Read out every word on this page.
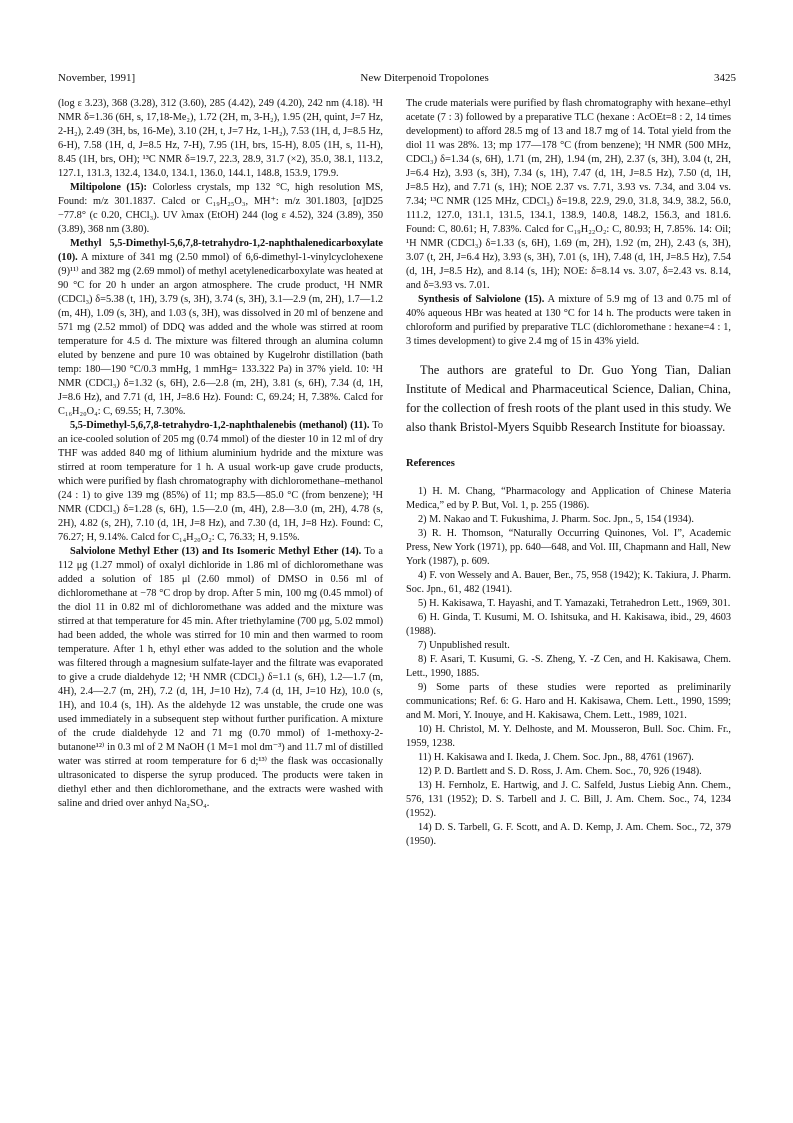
November, 1991]	New Diterpenoid Tropolones	3425

(log ε 3.23), 368 (3.28), 312 (3.60), 285 (4.42), 249 (4.20), 242 nm (4.18). ¹H NMR δ=1.36 (6H, s, 17,18-Me₂), 1.72 (2H, m, 3-H₂), 1.95 (2H, quint, J=7 Hz, 2-H₂), 2.49 (3H, bs, 16-Me), 3.10 (2H, t, J=7 Hz, 1-H₂), 7.53 (1H, d, J=8.5 Hz, 6-H), 7.58 (1H, d, J=8.5 Hz, 7-H), 7.95 (1H, brs, 15-H), 8.05 (1H, s, 11-H), 8.45 (1H, brs, OH); ¹³C NMR δ=19.7, 22.3, 28.9, 31.7 (×2), 35.0, 38.1, 113.2, 127.1, 131.3, 132.4, 134.0, 134.1, 136.0, 144.1, 148.8, 153.9, 179.9.

Miltipolone (15): Colorless crystals, mp 132 °C, high resolution MS, Found: m/z 301.1837. Calcd or C₁₉H₂₅O₃, MH⁺: m/z 301.1803, [α]D25 −77.8° (c 0.20, CHCl₃). UV λmax (EtOH) 244 (log ε 4.52), 324 (3.89), 350 (3.89), 368 nm (3.80).

Methyl 5,5-Dimethyl-5,6,7,8-tetrahydro-1,2-naphthalenedicarboxylate (10). A mixture of 341 mg (2.50 mmol) of 6,6-dimethyl-1-vinylcyclohexene (9)¹¹⁾ and 382 mg (2.69 mmol) of methyl acetylenedicarboxylate was heated at 90 °C for 20 h under an argon atmosphere. The crude product, ¹H NMR (CDCl₃) δ=5.38 (t, 1H), 3.79 (s, 3H), 3.74 (s, 3H), 3.1—2.9 (m, 2H), 1.7—1.2 (m, 4H), 1.09 (s, 3H), and 1.03 (s, 3H), was dissolved in 20 ml of benzene and 571 mg (2.52 mmol) of DDQ was added and the whole was stirred at room temperature for 4.5 d. The mixture was filtered through an alumina column eluted by benzene and pure 10 was obtained by Kugelrohr distillation (bath temp: 180—190 °C/0.3 mmHg, 1 mmHg= 133.322 Pa) in 37% yield. 10: ¹H NMR (CDCl₃) δ=1.32 (s, 6H), 2.6—2.8 (m, 2H), 3.81 (s, 6H), 7.34 (d, 1H, J=8.6 Hz), and 7.71 (d, 1H, J=8.6 Hz). Found: C, 69.24; H, 7.38%. Calcd for C₁₆H₂₀O₄: C, 69.55; H, 7.30%.

5,5-Dimethyl-5,6,7,8-tetrahydro-1,2-naphthalenebis (methanol) (11). To an ice-cooled solution of 205 mg (0.74 mmol) of the diester 10 in 12 ml of dry THF was added 840 mg of lithium aluminium hydride and the mixture was stirred at room temperature for 1 h. A usual work-up gave crude products, which were purified by flash chromatography with dichloromethane–methanol (24 : 1) to give 139 mg (85%) of 11; mp 83.5—85.0 °C (from benzene); ¹H NMR (CDCl₃) δ=1.28 (s, 6H), 1.5—2.0 (m, 4H), 2.8—3.0 (m, 2H), 4.78 (s, 2H), 4.82 (s, 2H), 7.10 (d, 1H, J=8 Hz), and 7.30 (d, 1H, J=8 Hz). Found: C, 76.27; H, 9.14%. Calcd for C₁₄H₂₀O₂: C, 76.33; H, 9.15%.

Salviolone Methyl Ether (13) and Its Isomeric Methyl Ether (14). To a 112 μg (1.27 mmol) of oxalyl dichloride in 1.86 ml of dichloromethane was added a solution of 185 μl (2.60 mmol) of DMSO in 0.56 ml of dichloromethane at −78 °C drop by drop. After 5 min, 100 mg (0.45 mmol) of the diol 11 in 0.82 ml of dichloromethane was added and the mixture was stirred at that temperature for 45 min. After triethylamine (700 μg, 5.02 mmol) had been added, the whole was stirred for 10 min and then warmed to room temperature. After 1 h, ethyl ether was added to the solution and the whole was filtered through a magnesium sulfate-layer and the filtrate was evaporated to give a crude dialdehyde 12; ¹H NMR (CDCl₃) δ=1.1 (s, 6H), 1.2—1.7 (m, 4H), 2.4—2.7 (m, 2H), 7.2 (d, 1H, J=10 Hz), 7.4 (d, 1H, J=10 Hz), 10.0 (s, 1H), and 10.4 (s, 1H). As the aldehyde 12 was unstable, the crude one was used immediately in a subsequent step without further purification. A mixture of the crude dialdehyde 12 and 71 mg (0.70 mmol) of 1-methoxy-2-butanone¹²⁾ in 0.3 ml of 2 M NaOH (1 M=1 mol dm⁻³) and 11.7 ml of distilled water was stirred at room temperature for 6 d;¹³⁾ the flask was occasionally ultrasonicated to disperse the syrup produced. The products were taken in diethyl ether and then dichloromethane, and the extracts were washed with saline and dried over anhyd Na₂SO₄.

The crude materials were purified by flash chromatography with hexane–ethyl acetate (7 : 3) followed by a preparative TLC (hexane : AcOEt=8 : 2, 14 times development) to afford 28.5 mg of 13 and 18.7 mg of 14. Total yield from the diol 11 was 28%. 13; mp 177—178 °C (from benzene); ¹H NMR (500 MHz, CDCl₃) δ=1.34 (s, 6H), 1.71 (m, 2H), 1.94 (m, 2H), 2.37 (s, 3H), 3.04 (t, 2H, J=6.4 Hz), 3.93 (s, 3H), 7.34 (s, 1H), 7.47 (d, 1H, J=8.5 Hz), 7.50 (d, 1H, J=8.5 Hz), and 7.71 (s, 1H); NOE 2.37 vs. 7.71, 3.93 vs. 7.34, and 3.04 vs. 7.34; ¹³C NMR (125 MHz, CDCl₃) δ=19.8, 22.9, 29.0, 31.8, 34.9, 38.2, 56.0, 111.2, 127.0, 131.1, 131.5, 134.1, 138.9, 140.8, 148.2, 156.3, and 181.6. Found: C, 80.61; H, 7.83%. Calcd for C₁₉H₂₂O₂: C, 80.93; H, 7.85%. 14: Oil; ¹H NMR (CDCl₃) δ=1.33 (s, 6H), 1.69 (m, 2H), 1.92 (m, 2H), 2.43 (s, 3H), 3.07 (t, 2H, J=6.4 Hz), 3.93 (s, 3H), 7.01 (s, 1H), 7.48 (d, 1H, J=8.5 Hz), 7.54 (d, 1H, J=8.5 Hz), and 8.14 (s, 1H); NOE: δ=8.14 vs. 3.07, δ=2.43 vs. 8.14, and δ=3.93 vs. 7.01.

Synthesis of Salviolone (15). A mixture of 5.9 mg of 13 and 0.75 ml of 40% aqueous HBr was heated at 130 °C for 14 h. The products were taken in chloroform and purified by preparative TLC (dichloromethane : hexane=4 : 1, 3 times development) to give 2.4 mg of 15 in 43% yield.

The authors are grateful to Dr. Guo Yong Tian, Dalian Institute of Medical and Pharmaceutical Science, Dalian, China, for the collection of fresh roots of the plant used in this study. We also thank Bristol-Myers Squibb Research Institute for bioassay.

References

1) H. M. Chang, “Pharmacology and Application of Chinese Materia Medica,” ed by P. But, Vol. 1, p. 255 (1986).

2) M. Nakao and T. Fukushima, J. Pharm. Soc. Jpn., 5, 154 (1934).

3) R. H. Thomson, “Naturally Occurring Quinones, Vol. I”, Academic Press, New York (1971), pp. 640—648, and Vol. III, Chapmann and Hall, New York (1987), p. 609.

4) F. von Wessely and A. Bauer, Ber., 75, 958 (1942); K. Takiura, J. Pharm. Soc. Jpn., 61, 482 (1941).

5) H. Kakisawa, T. Hayashi, and T. Yamazaki, Tetrahedron Lett., 1969, 301.

6) H. Ginda, T. Kusumi, M. O. Ishitsuka, and H. Kakisawa, ibid., 29, 4603 (1988).

7) Unpublished result.

8) F. Asari, T. Kusumi, G. -S. Zheng, Y. -Z Cen, and H. Kakisawa, Chem. Lett., 1990, 1885.

9) Some parts of these studies were reported as preliminarily communications; Ref. 6: G. Haro and H. Kakisawa, Chem. Lett., 1990, 1599; and M. Mori, Y. Inouye, and H. Kakisawa, Chem. Lett., 1989, 1021.

10) H. Christol, M. Y. Delhoste, and M. Mousseron, Bull. Soc. Chim. Fr., 1959, 1238.

11) H. Kakisawa and I. Ikeda, J. Chem. Soc. Jpn., 88, 4761 (1967).

12) P. D. Bartlett and S. D. Ross, J. Am. Chem. Soc., 70, 926 (1948).

13) H. Fernholz, E. Hartwig, and J. C. Salfeld, Justus Liebig Ann. Chem., 576, 131 (1952); D. S. Tarbell and J. C. Bill, J. Am. Chem. Soc., 74, 1234 (1952).

14) D. S. Tarbell, G. F. Scott, and A. D. Kemp, J. Am. Chem. Soc., 72, 379 (1950).
